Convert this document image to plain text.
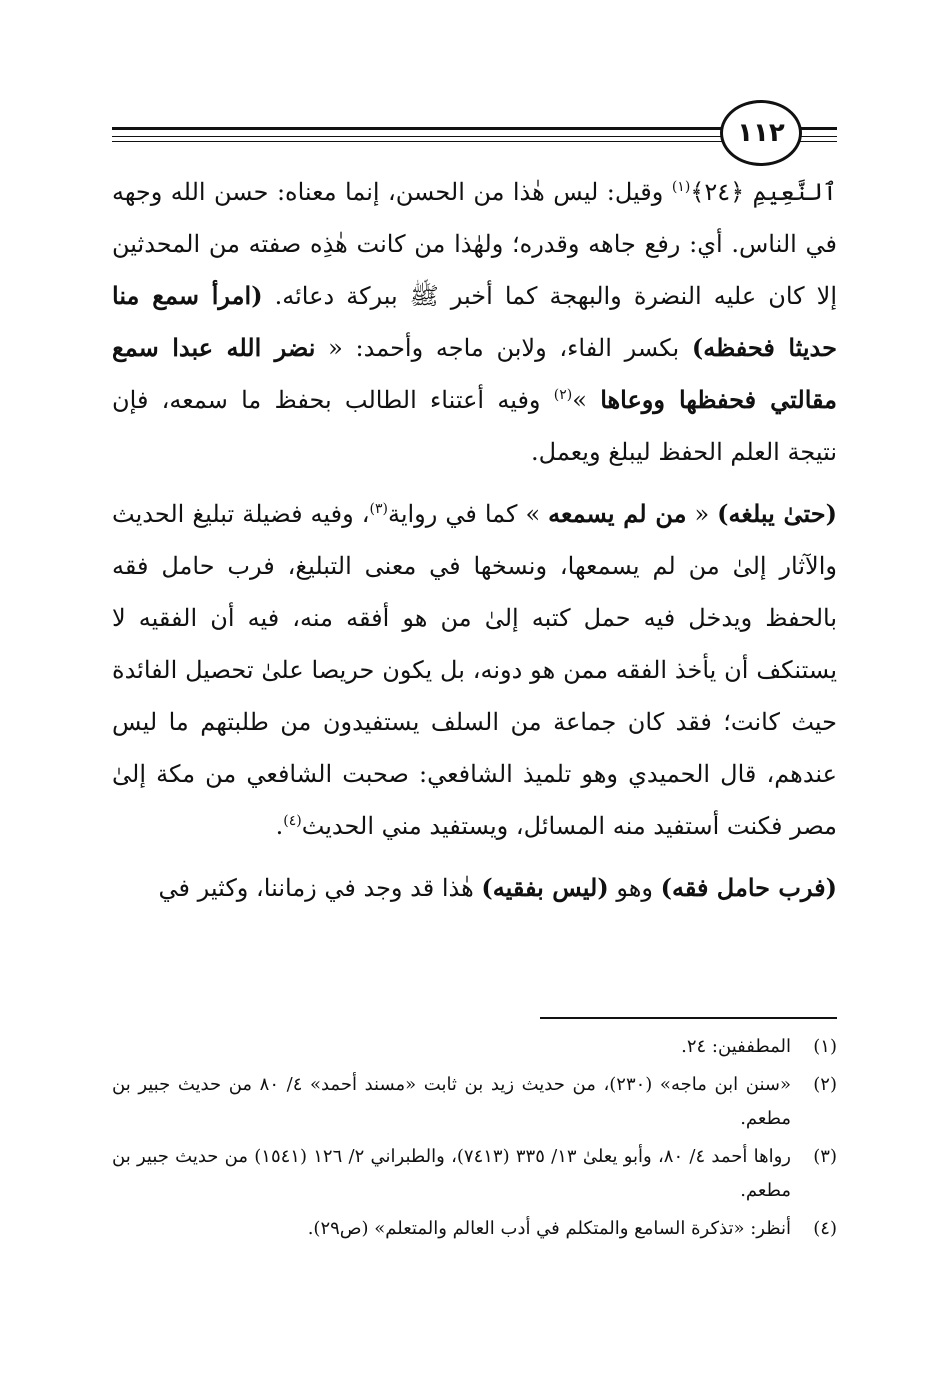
١١٢

ٱلنَّعِيمِ ﴿٢٤﴾$^{(١)}$ وقيل: ليس هٰذا من الحسن، إنما معناه: حسن الله وجهه في الناس. أي: رفع جاهه وقدره؛ ولهٰذا من كانت هٰذِه صفته من المحدثين إلا كان عليه النضرة والبهجة كما أخبر ﷺ ببركة دعائه. (امرأ سمع منا حديثا فحفظه) بكسر الفاء، ولابن ماجه وأحمد: « نضر الله عبدا سمع مقالتي فحفظها ووعاها »$^{(٢)}$ وفيه أعتناء الطالب بحفظ ما سمعه، فإن نتيجة العلم الحفظ ليبلغ ويعمل.

(حتىٰ يبلغه) « من لم يسمعه » كما في رواية$^{(٣)}$، وفيه فضيلة تبليغ الحديث والآثار إلىٰ من لم يسمعها، ونسخها في معنى التبليغ، فرب حامل فقه بالحفظ ويدخل فيه حمل كتبه إلىٰ من هو أفقه منه، فيه أن الفقيه لا يستنكف أن يأخذ الفقه ممن هو دونه، بل يكون حريصا علىٰ تحصيل الفائدة حيث كانت؛ فقد كان جماعة من السلف يستفيدون من طلبتهم ما ليس عندهم، قال الحميدي وهو تلميذ الشافعي: صحبت الشافعي من مكة إلىٰ مصر فكنت أستفيد منه المسائل، ويستفيد مني الحديث$^{(٤)}$.

(فرب حامل فقه) وهو (ليس بفقيه) هٰذا قد وجد في زماننا، وكثير في

(١)
المطففين: ٢٤.
(٢)
«سنن ابن ماجه» (٢٣٠)، من حديث زيد بن ثابت «مسند أحمد» ٤/ ٨٠ من حديث جبير بن مطعم.
(٣)
رواها أحمد ٤/ ٨٠، وأبو يعلىٰ ١٣/ ٣٣٥ (٧٤١٣)، والطبراني ٢/ ١٢٦ (١٥٤١) من حديث جبير بن مطعم.
(٤)
أنظر: «تذكرة السامع والمتكلم في أدب العالم والمتعلم» (ص٢٩).
